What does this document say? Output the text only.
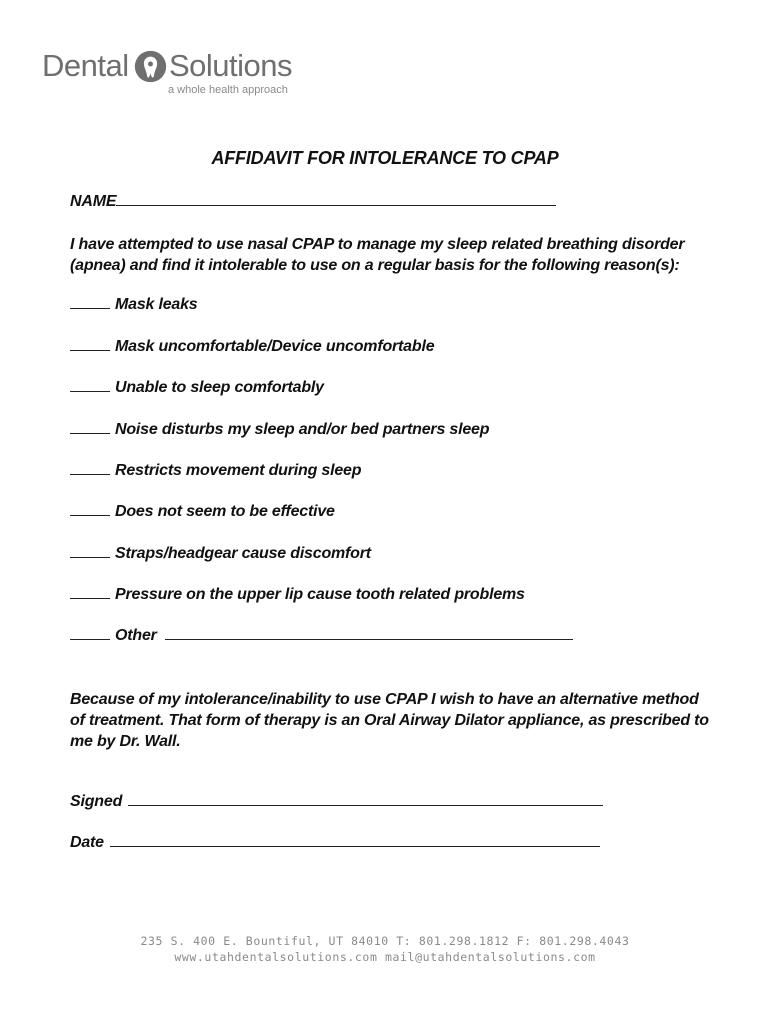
Dental Solutions
a whole health approach
AFFIDAVIT FOR INTOLERANCE TO CPAP
NAME
I have attempted to use nasal CPAP to manage my sleep related breathing disorder (apnea) and find it intolerable to use on a regular basis for the following reason(s):
Mask leaks
Mask uncomfortable/Device uncomfortable
Unable to sleep comfortably
Noise disturbs my sleep and/or bed partners sleep
Restricts movement during sleep
Does not seem to be effective
Straps/headgear cause discomfort
Pressure on the upper lip cause tooth related problems
Other
Because of my intolerance/inability to use CPAP I wish to have an alternative method of treatment. That form of therapy is an Oral Airway Dilator appliance, as prescribed to me by Dr. Wall.
Signed
Date
235 S. 400 E. Bountiful, UT 84010 T: 801.298.1812 F: 801.298.4043
www.utahdentalsolutions.com mail@utahdentalsolutions.com
